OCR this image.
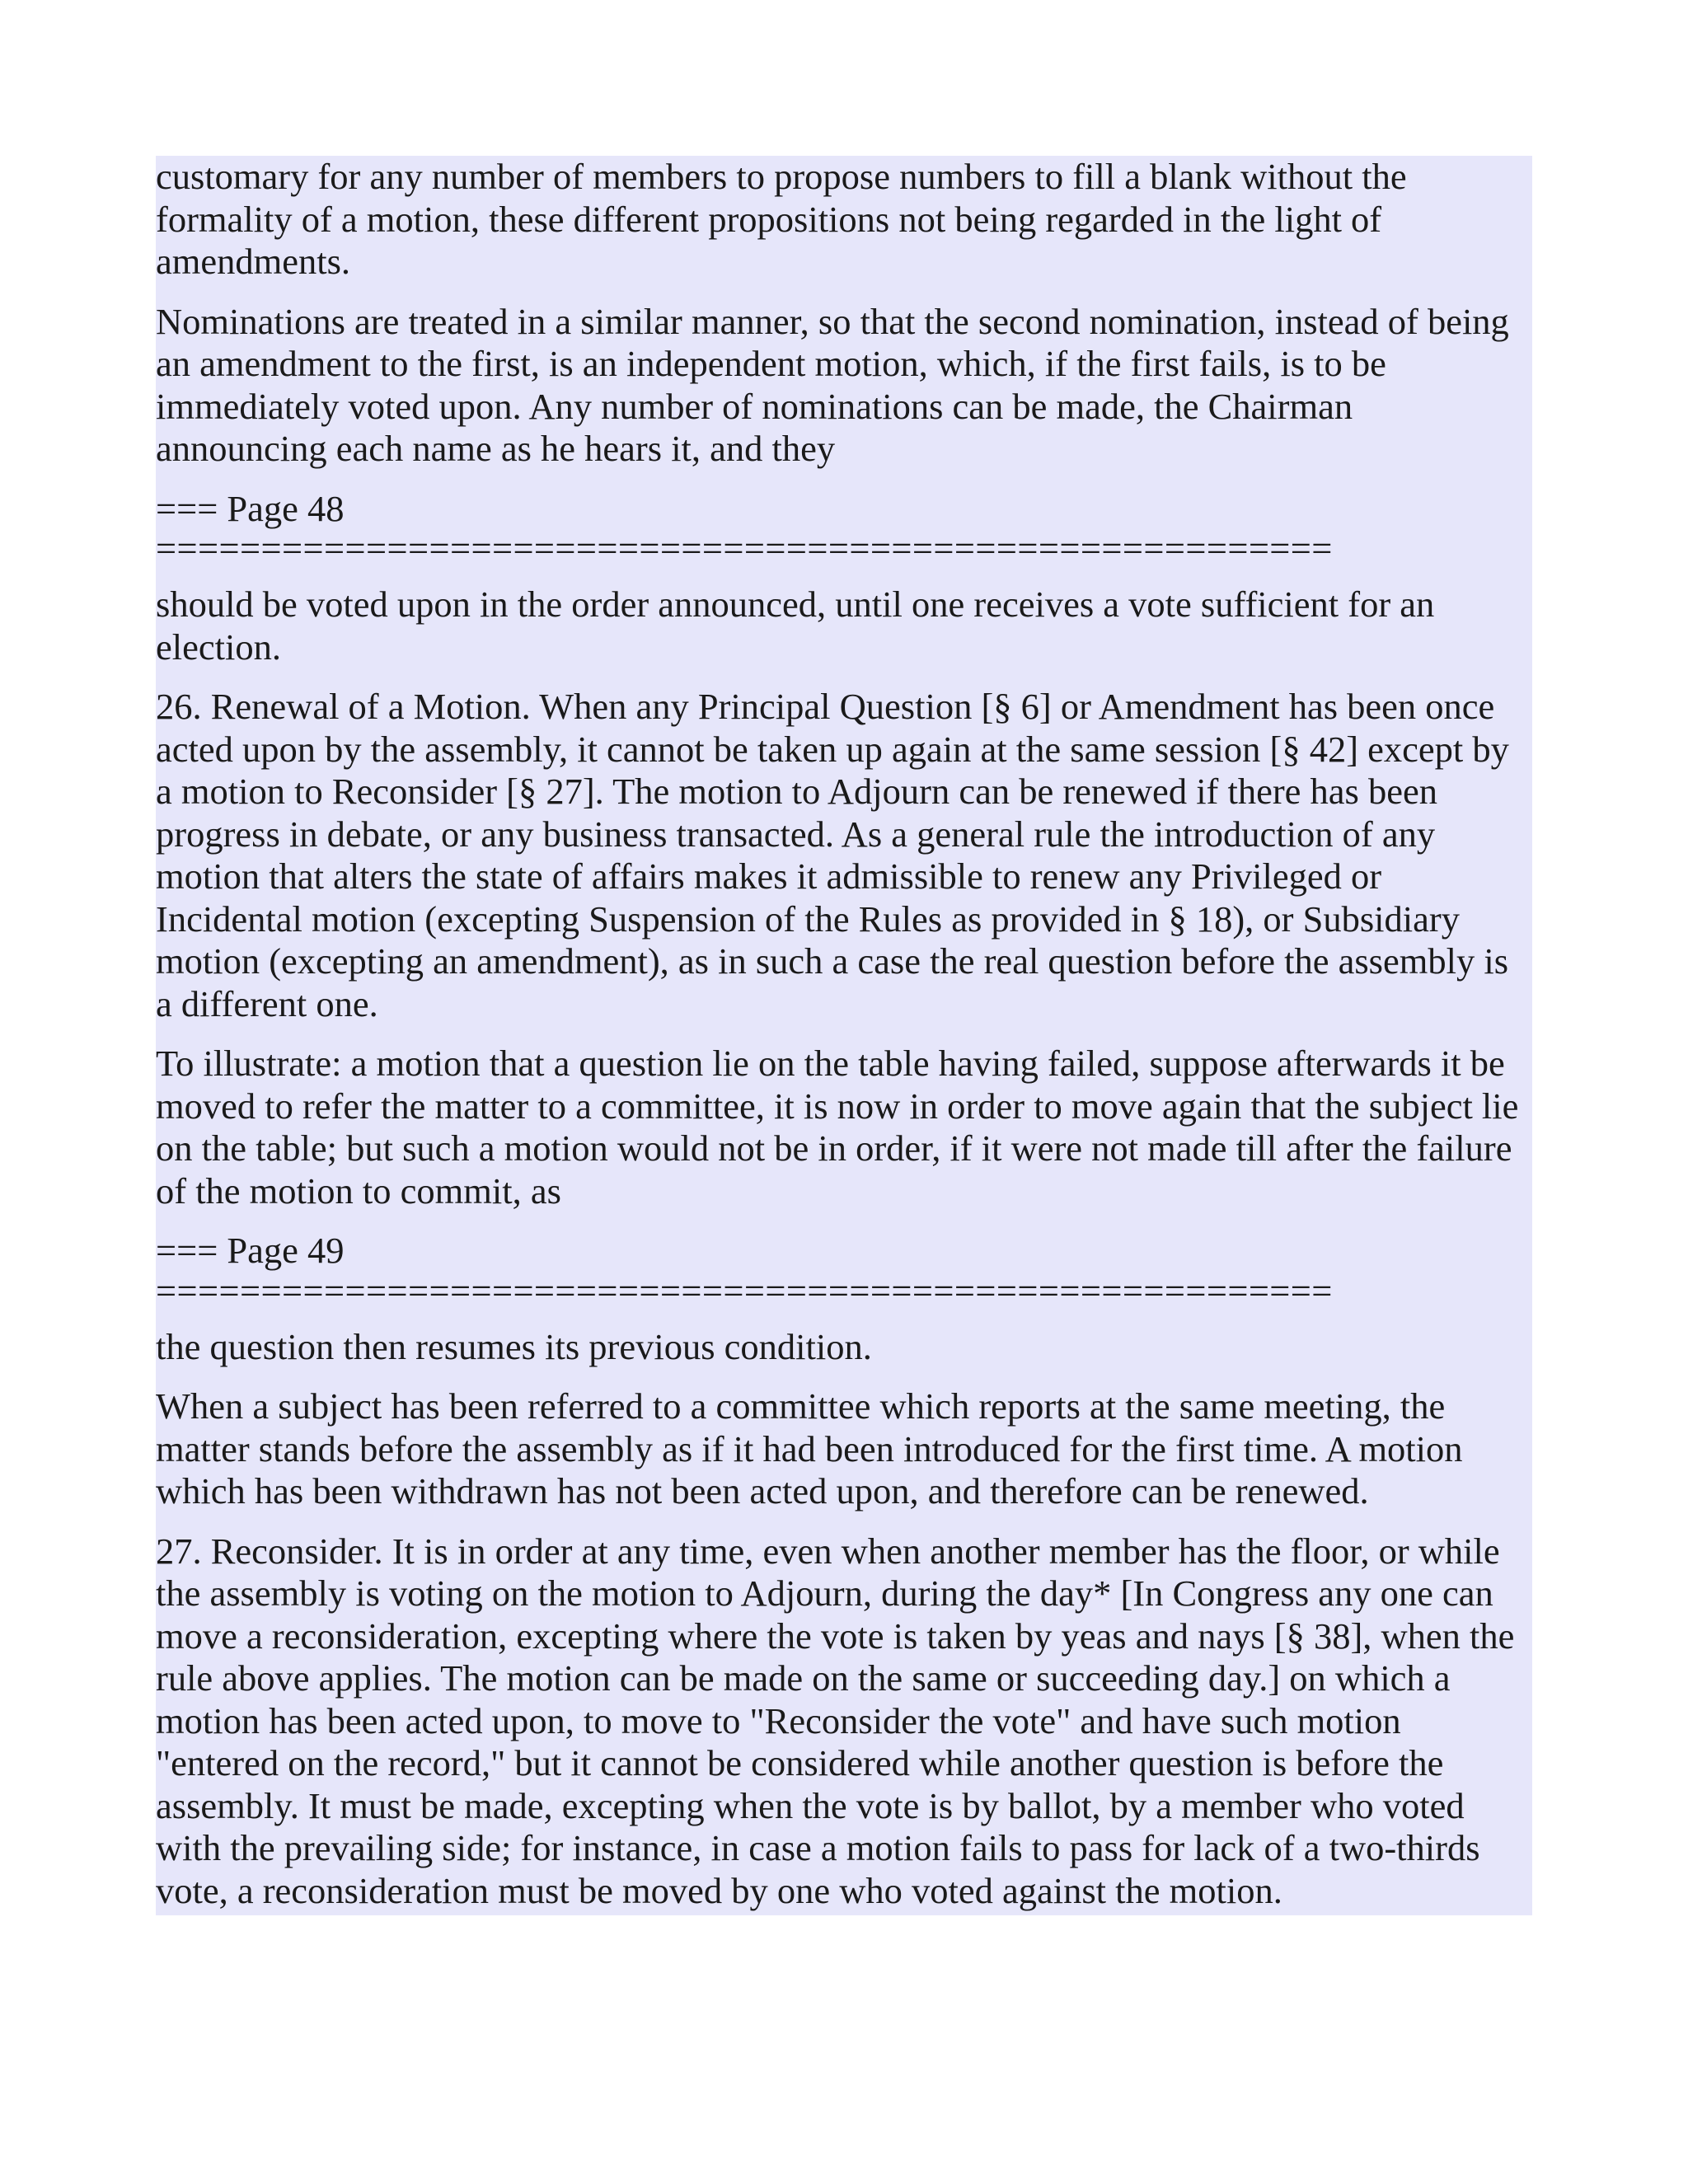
customary for any number of members to propose numbers to fill a blank without the formality of a motion, these different propositions not being regarded in the light of amendments.

Nominations are treated in a similar manner, so that the second nomination, instead of being an amendment to the first, is an independent motion, which, if the first fails, is to be immediately voted upon. Any number of nominations can be made, the Chairman announcing each name as he hears it, and they

=== Page 48
========================================================

should be voted upon in the order announced, until one receives a vote sufficient for an election.

26. Renewal of a Motion. When any Principal Question [§ 6] or Amendment has been once acted upon by the assembly, it cannot be taken up again at the same session [§ 42] except by a motion to Reconsider [§ 27]. The motion to Adjourn can be renewed if there has been progress in debate, or any business transacted. As a general rule the introduction of any motion that alters the state of affairs makes it admissible to renew any Privileged or Incidental motion (excepting Suspension of the Rules as provided in § 18), or Subsidiary motion (excepting an amendment), as in such a case the real question before the assembly is a different one.

To illustrate: a motion that a question lie on the table having failed, suppose afterwards it be moved to refer the matter to a committee, it is now in order to move again that the subject lie on the table; but such a motion would not be in order, if it were not made till after the failure of the motion to commit, as

=== Page 49
========================================================

the question then resumes its previous condition.

When a subject has been referred to a committee which reports at the same meeting, the matter stands before the assembly as if it had been introduced for the first time. A motion which has been withdrawn has not been acted upon, and therefore can be renewed.

27. Reconsider. It is in order at any time, even when another member has the floor, or while the assembly is voting on the motion to Adjourn, during the day* [In Congress any one can move a reconsideration, excepting where the vote is taken by yeas and nays [§ 38], when the rule above applies. The motion can be made on the same or succeeding day.] on which a motion has been acted upon, to move to "Reconsider the vote" and have such motion "entered on the record," but it cannot be considered while another question is before the assembly. It must be made, excepting when the vote is by ballot, by a member who voted with the prevailing side; for instance, in case a motion fails to pass for lack of a two-thirds vote, a reconsideration must be moved by one who voted against the motion.
